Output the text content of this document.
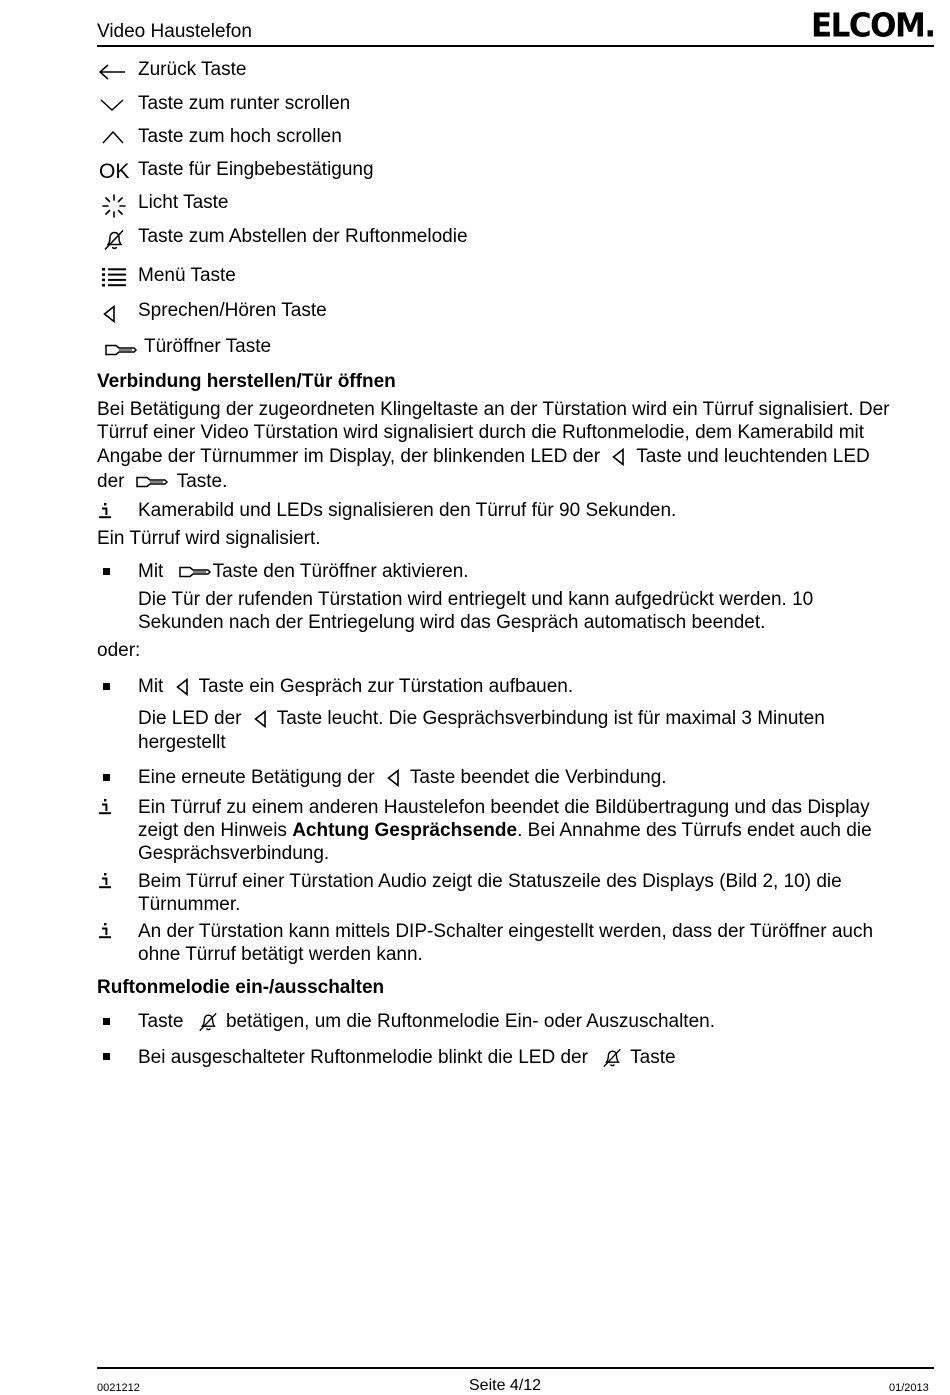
Video Haustelefon	ELCOM.
Zurück Taste
Taste zum runter scrollen
Taste zum hoch scrollen
OK Taste für Eingbebestätigung
Licht Taste
Taste zum Abstellen der Ruftonmelodie
Menü Taste
Sprechen/Hören Taste
Türöffner Taste
Verbindung herstellen/Tür öffnen
Bei Betätigung der zugeordneten Klingeltaste an der Türstation wird ein Türruf signalisiert. Der
Türruf einer Video Türstation wird signalisiert durch die Ruftonmelodie, dem Kamerabild mit
Angabe der Türnummer im Display, der blinkenden LED der Taste und leuchtenden LED
der	Taste.
Kamerabild und LEDs signalisieren den Türruf für 90 Sekunden.
Ein Türruf wird signalisiert.
Mit	Taste den Türöffner aktivieren.
Die Tür der rufenden Türstation wird entriegelt und kann aufgedrückt werden. 10
Sekunden nach der Entriegelung wird das Gespräch automatisch beendet.
oder:
Mit Taste ein Gespräch zur Türstation aufbauen.
Die LED der Taste leucht. Die Gesprächsverbindung ist für maximal 3 Minuten
hergestellt
Eine erneute Betätigung der Taste beendet die Verbindung.
Ein Türruf zu einem anderen Haustelefon beendet die Bildübertragung und das Display
zeigt den Hinweis Achtung Gesprächsende. Bei Annahme des Türrufs endet auch die
Gesprächsverbindung.
Beim Türruf einer Türstation Audio zeigt die Statuszeile des Displays (Bild 2, 10) die
Türnummer.
An der Türstation kann mittels DIP-Schalter eingestellt werden, dass der Türöffner auch
ohne Türruf betätigt werden kann.
Ruftonmelodie ein-/ausschalten
Taste betätigen, um die Ruftonmelodie Ein- oder Auszuschalten.
Bei ausgeschalteter Ruftonmelodie blinkt die LED der Taste
0021212	Seite 4/12	01/2013
